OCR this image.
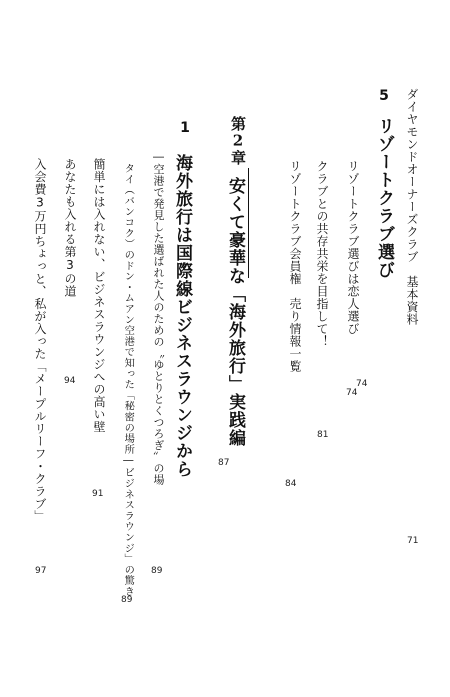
ダイヤモンドオーナーズクラブ　基本資料
71
5
リゾートクラブ選び
74
リゾートクラブ選びは恋人選び
74
クラブとの共存共栄を目指して！
81
リゾートクラブ会員権　売り情報一覧
84
第2章
安くて豪華な「海外旅行」実践編
87
1
海外旅行は国際線ビジネスラウンジから
―空港で発見した選ばれた人のための〝ゆとりとくつろぎ〟の場
89
タイ（バンコク）のドン・ムアン空港で知った「秘密の場所―ビジネスラウンジ」の驚き
89
簡単には入れない、ビジネスラウンジへの高い壁
91
あなたも入れる第3の道
94
入会費3万円ちょっと、私が入った「メープルリーフ・クラブ」
97
